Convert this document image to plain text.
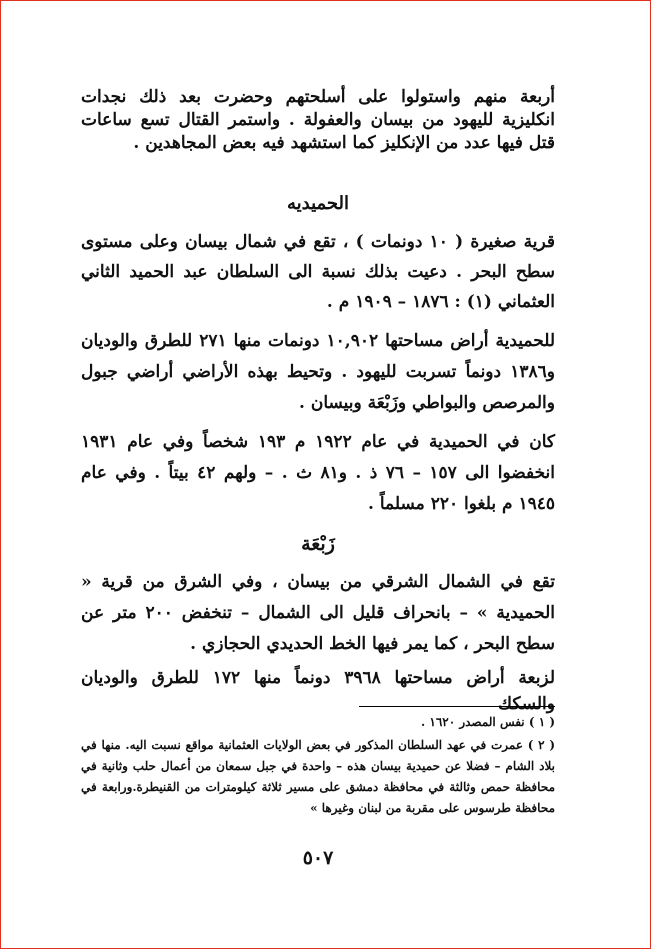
أربعة منهم واستولوا على أسلحتهم وحضرت بعد ذلك نجدات انكليزية لليهود من بيسان والعفولة . واستمر القتال تسع ساعات قتل فيها عدد من الإنكليز كما استشهد فيه بعض المجاهدين .

الحميديه

قرية صغيرة ( ١٠ دونمات ) ، تقع في شمال بيسان وعلى مستوى سطح البحر . دعيت بذلك نسبة الى السلطان عبد الحميد الثاني العثماني (١) : ١٨٧٦ – ١٩٠٩ م .

للحميدية أراض مساحتها ١٠,٩٠٢ دونمات منها ٢٧١ للطرق والوديان و١٣٨٦ دونماً تسربت لليهود . وتحيط بهذه الأراضي أراضي جبول والمرصص والبواطي وزَبْعَة وبيسان .

كان في الحميدية في عام ١٩٢٢ م ١٩٣ شخصاً وفي عام ١٩٣١ انخفضوا الى ١٥٧ – ٧٦ ذ . و٨١ ث . – ولهم ٤٢ بيتاً . وفي عام ١٩٤٥ م بلغوا ٢٢٠ مسلماً .

زَبْعَة

تقع في الشمال الشرقي من بيسان ، وفي الشرق من قرية « الحميدية » – بانحراف قليل الى الشمال – تنخفض ٢٠٠ متر عن سطح البحر ، كما يمر فيها الخط الحديدي الحجازي .

لزبعة أراض مساحتها ٣٩٦٨ دونماً منها ١٧٢ للطرق والوديان والسكك

( ١ ) نفس المصدر ١٦٢٠ .
( ٢ ) عمرت في عهد السلطان المذكور في بعض الولايات العثمانية مواقع نسبت اليه. منها في بلاد الشام – فضلا عن حميدية بيسان هذه – واحدة في جبل سمعان من أعمال حلب وثانية في محافظة حمص وثالثة في محافظة دمشق على مسير ثلاثة كيلومترات من القنيطرة.ورابعة في محافظة طرسوس على مقربة من لبنان وغيرها »
٥٠٧
